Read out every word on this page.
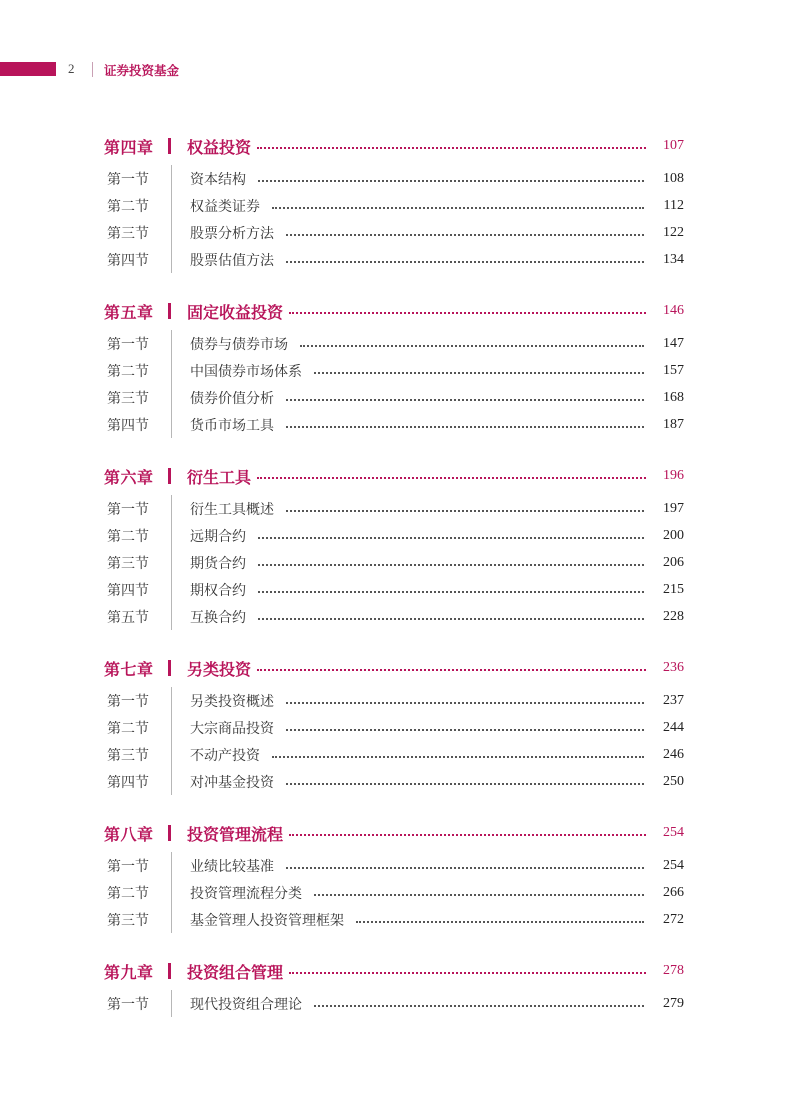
2 证券投资基金
第四章	权益投资	107
第一节	资本结构	108
第二节	权益类证券	112
第三节	股票分析方法	122
第四节	股票估值方法	134
第五章	固定收益投资	146
第一节	债券与债券市场	147
第二节	中国债券市场体系	157
第三节	债券价值分析	168
第四节	货币市场工具	187
第六章	衍生工具	196
第一节	衍生工具概述	197
第二节	远期合约	200
第三节	期货合约	206
第四节	期权合约	215
第五节	互换合约	228
第七章	另类投资	236
第一节	另类投资概述	237
第二节	大宗商品投资	244
第三节	不动产投资	246
第四节	对冲基金投资	250
第八章	投资管理流程	254
第一节	业绩比较基准	254
第二节	投资管理流程分类	266
第三节	基金管理人投资管理框架	272
第九章	投资组合管理	278
第一节	现代投资组合理论	279
